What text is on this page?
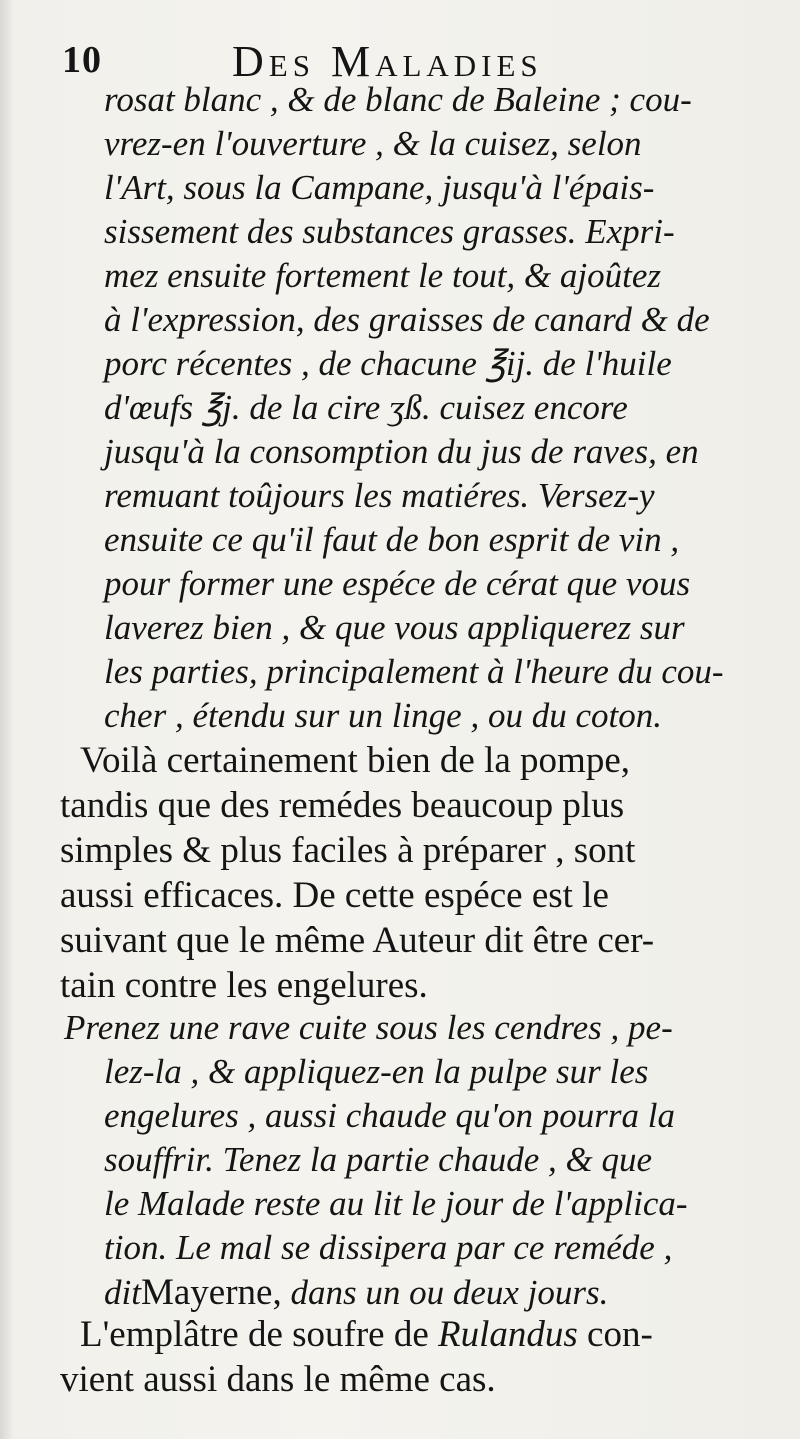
10	Des Maladies
rosat blanc , & de blanc de Baleine ; cou-
vrez-en l'ouverture , & la cuisez, selon
l'Art, sous la Campane, jusqu'à l'épais-
sissement des substances grasses. Expri-
mez ensuite fortement le tout, & ajoûtez
à l'expression, des graisses de canard & de
porc récentes , de chacune ℥ij. de l'huile
d'œufs ℥j. de la cire ʒß. cuisez encore
jusqu'à la consomption du jus de raves, en
remuant toûjours les matiéres. Versez-y
ensuite ce qu'il faut de bon esprit de vin ,
pour former une espéce de cérat que vous
laverez bien , & que vous appliquerez sur
les parties, principalement à l'heure du cou-
cher , étendu sur un linge , ou du coton.
Voilà certainement bien de la pompe,
tandis que des remédes beaucoup plus
simples & plus faciles à préparer , sont
aussi efficaces. De cette espéce est le
suivant que le même Auteur dit être cer-
tain contre les engelures.
Prenez une rave cuite sous les cendres , pe-
lez-la , & appliquez-en la pulpe sur les
engelures , aussi chaude qu'on pourra la
souffrir. Tenez la partie chaude , & que
le Malade reste au lit le jour de l'applica-
tion. Le mal se dissipera par ce reméde ,
ditMayerne, dans un ou deux jours.
L'emplâtre de soufre de Rulandus con-
vient aussi dans le même cas.
